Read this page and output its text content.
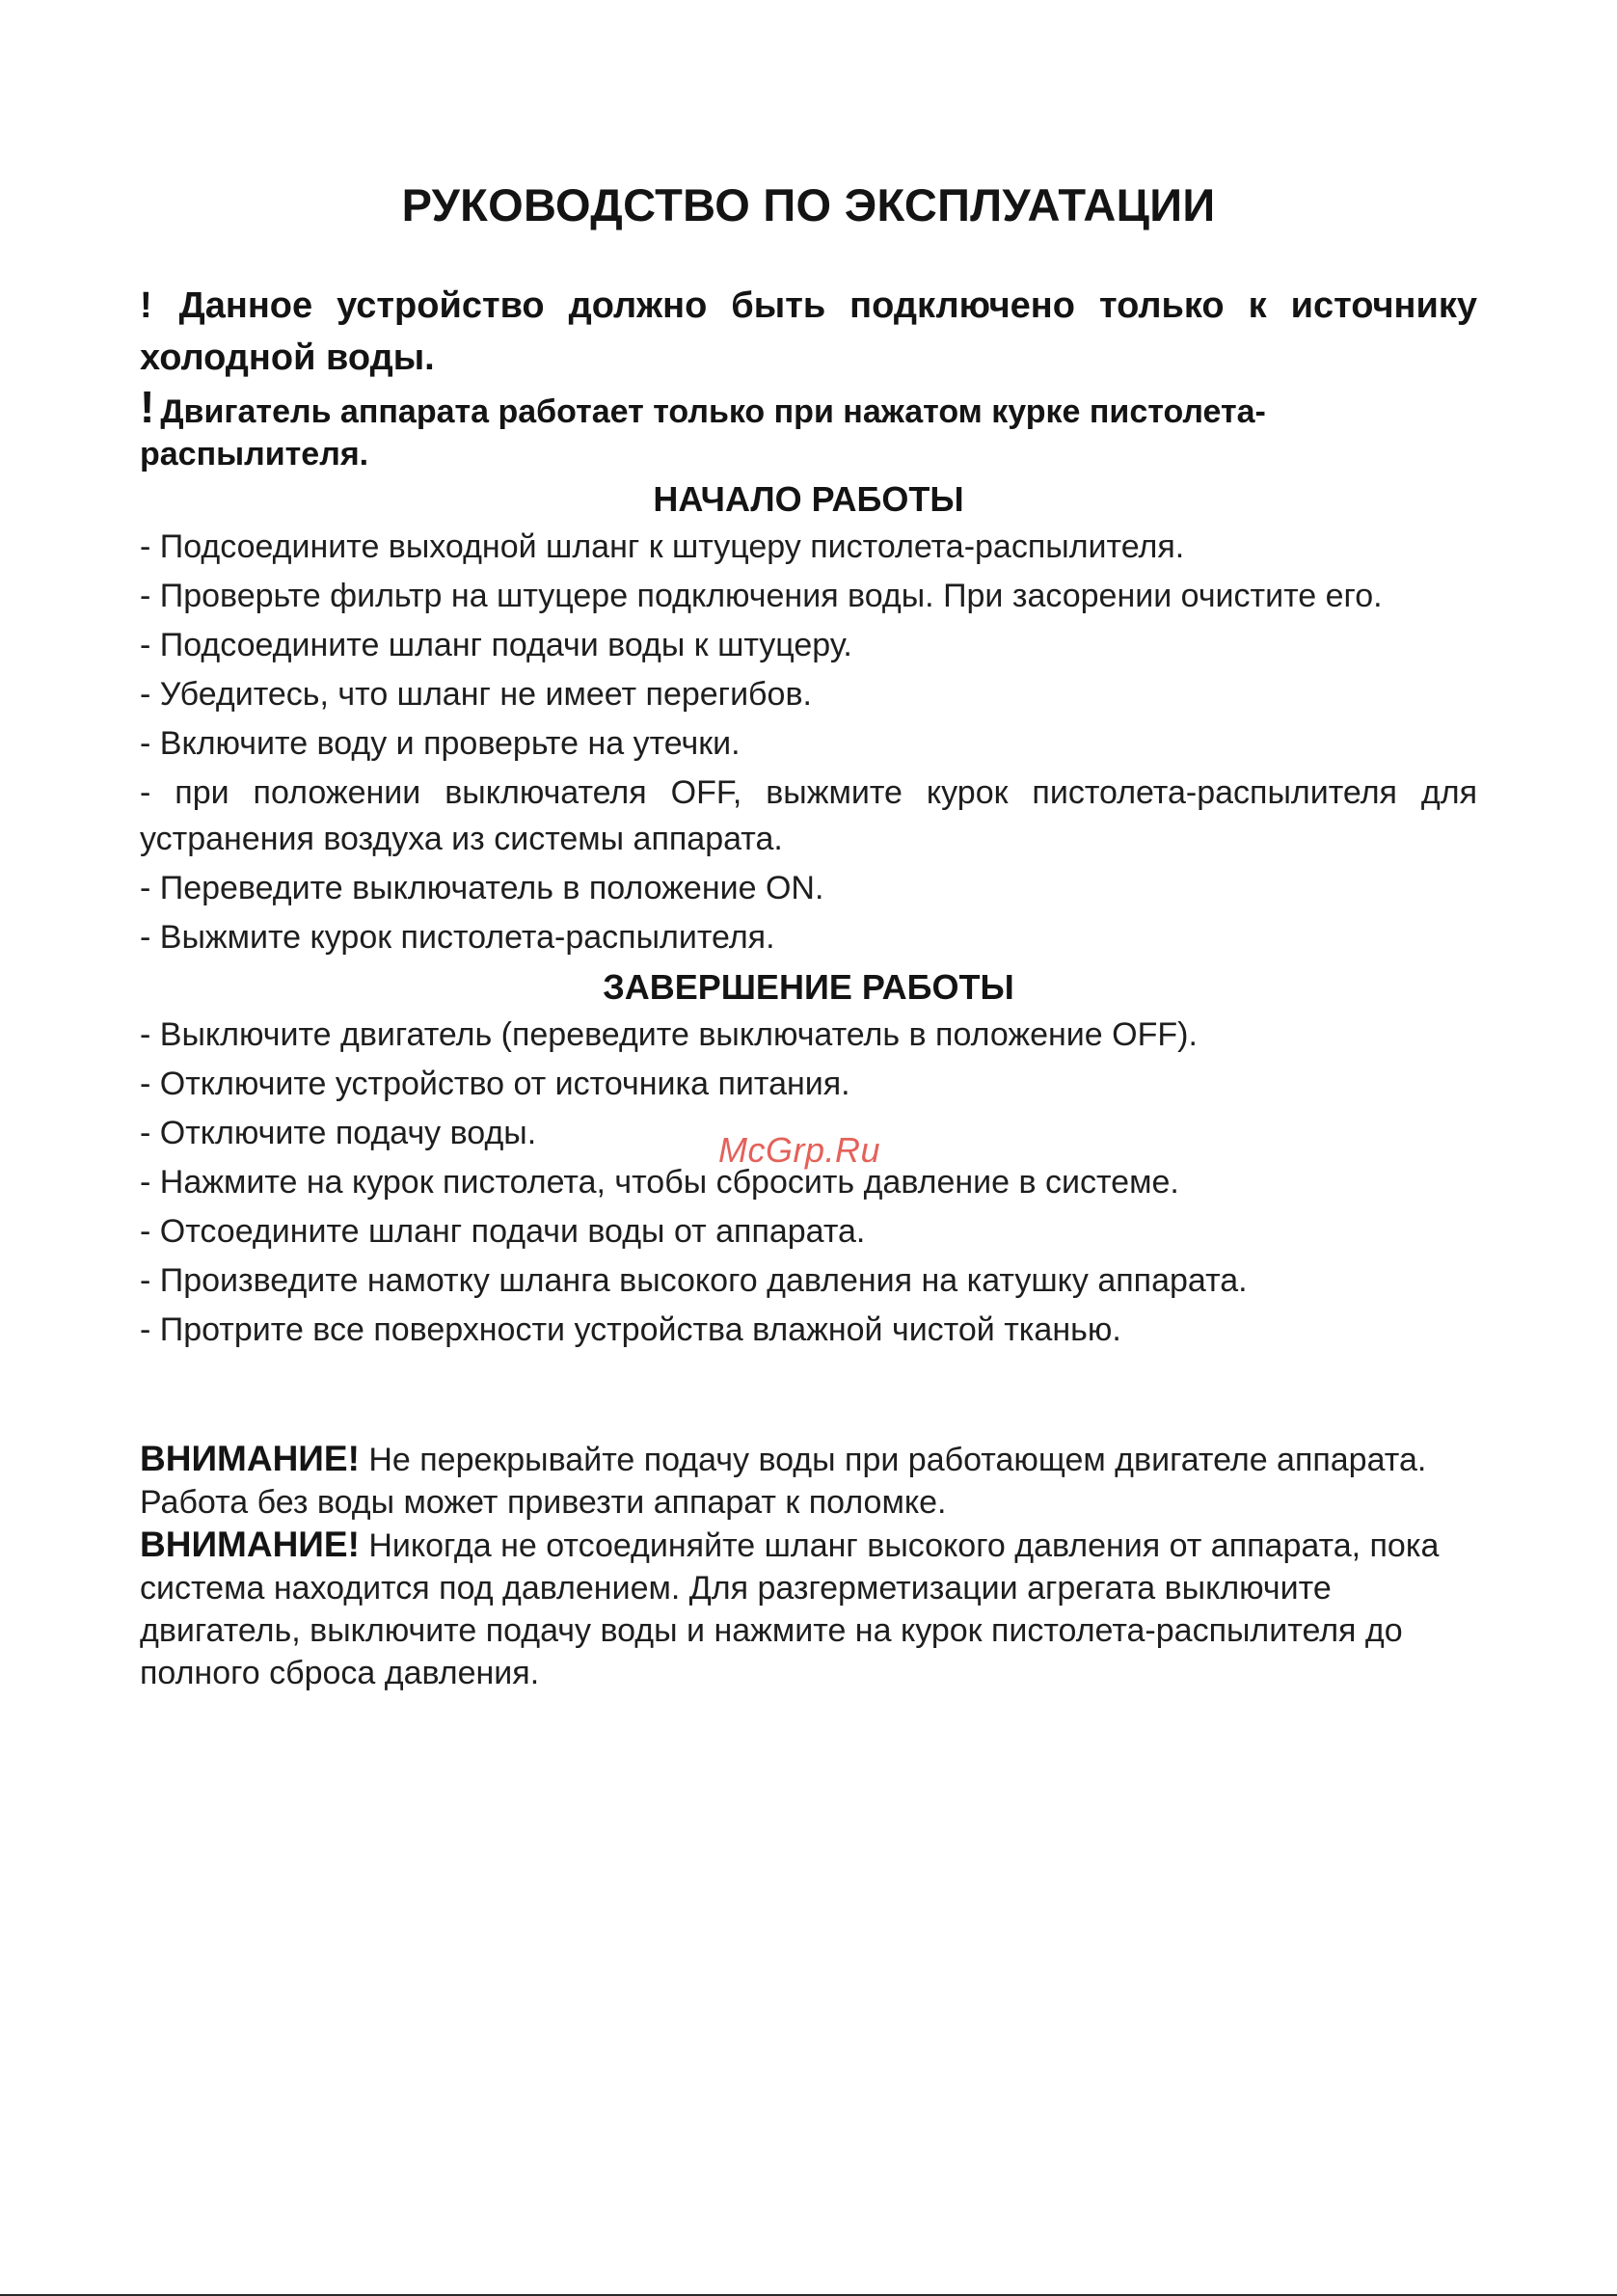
РУКОВОДСТВО ПО ЭКСПЛУАТАЦИИ
! Данное устройство должно быть подключено только к источнику холодной воды.
! Двигатель аппарата работает только при нажатом курке пистолета-распылителя.
НАЧАЛО РАБОТЫ
- Подсоедините выходной шланг к штуцеру пистолета-распылителя.
- Проверьте фильтр на штуцере подключения воды. При засорении очистите его.
- Подсоедините шланг подачи воды к штуцеру.
- Убедитесь, что шланг не имеет перегибов.
- Включите воду и проверьте на утечки.
- при положении выключателя OFF, выжмите курок пистолета-распылителя для устранения воздуха из системы аппарата.
- Переведите выключатель в положение ON.
- Выжмите курок пистолета-распылителя.
ЗАВЕРШЕНИЕ РАБОТЫ
- Выключите двигатель (переведите выключатель в положение OFF).
- Отключите устройство от источника питания.
- Отключите подачу воды.
- Нажмите на курок пистолета, чтобы сбросить давление в системе.
- Отсоедините шланг подачи воды от аппарата.
- Произведите намотку шланга высокого давления на катушку аппарата.
- Протрите все поверхности устройства влажной чистой тканью.
ВНИМАНИЕ! Не перекрывайте подачу воды при работающем двигателе аппарата. Работа без воды может привезти аппарат к поломке.
ВНИМАНИЕ! Никогда не отсоединяйте шланг высокого давления от аппарата, пока система находится под давлением. Для разгерметизации агрегата выключите двигатель, выключите подачу воды и нажмите на курок пистолета-распылителя до полного сброса давления.
McGrp.Ru
